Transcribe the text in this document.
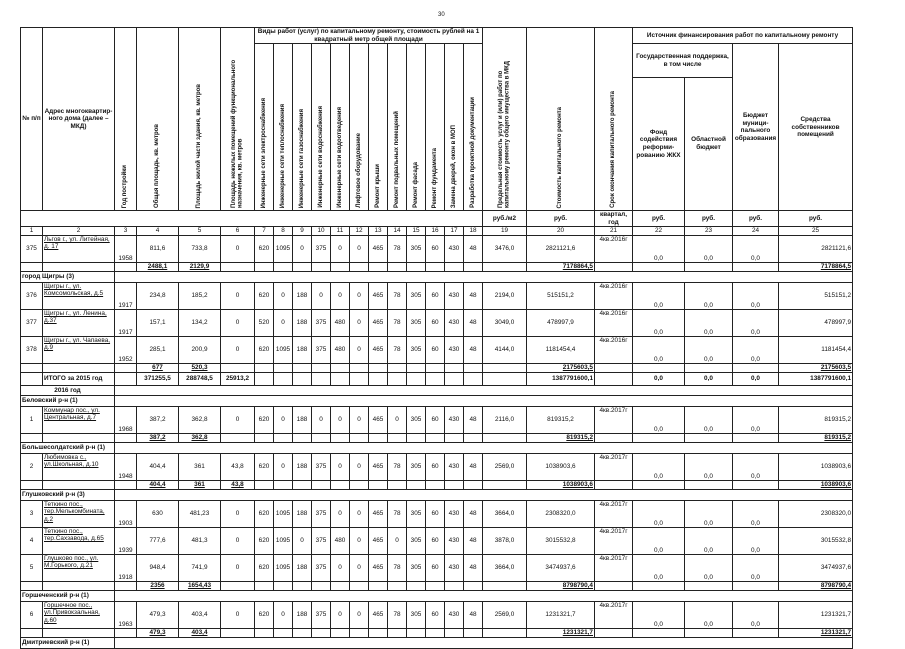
30
№ п/п	Адрес многоквартир-ного дома (далее – МКД)	Год постройки	Общая площадь, кв. метров	Площадь жилой части здания, кв. метров	Площадь нежилых помещений функционального назначения, кв. метров	Виды работ (услуг) по капитальному ремонту, стоимость рублей на 1 квадратный метр общей площади												Предельная стоимость услуг и (или) работ по капитальному ремонту общего имущества в МКД	Стоимость капитального ремонта	Срок окончания капитального ремонта	Источник финансирования работ по капитальному ремонту			
						Инженерные сети электроснабжения	Инженерные сети теплоснабжения	Инженерные сети газоснабжения	Инженерные сети водоснабжения	Инженерные сети водоотведения	Лифтовое оборудование	Ремонт крыши	Ремонт подвальных помещений	Ремонт фасада	Ремонт фундамента	Замена дверей, окон в МОП	Разработка проектной документации				Государственная поддержка, в том числе		Бюджет муници-пального образования	Средства собственников помещений
																					Фонд содействия реформи-рованию ЖКХ	Областной бюджет		
																		руб./м2	руб.	квартал, год	руб.	руб.	руб.	руб.
1	2	3	4	5	6	7	8	9	10	11	12	13	14	15	16	17	18	19	20	21	22	23	24	25
375	Льгов г., ул. Литейная, д. 17	1958	811,6	733,8	0	620	1095	0	375	0	0	465	78	305	60	430	48	3476,0	2821121,6	4кв.2016г	0,0	0,0	0,0	2821121,6
			2488,1	2129,9															7178864,5					7178864,5
город Щигры (3)																								
376	Щигры г., ул. Комсомольская, д.5	1917	234,8	185,2	0	620	0	188	0	0	0	465	78	305	60	430	48	2194,0	515151,2	4кв.2016г	0,0	0,0	0,0	515151,2
377	Щигры г., ул. Ленина, д.37	1917	157,1	134,2	0	520	0	188	375	480	0	465	78	305	60	430	48	3049,0	478997,9	4кв.2016г	0,0	0,0	0,0	478997,9
378	Щигры г., ул. Чапаева, д.9	1952	285,1	200,9	0	620	1095	188	375	480	0	465	78	305	60	430	48	4144,0	1181454,4	4кв.2016г	0,0	0,0	0,0	1181454,4
			677	520,3															2175603,5					2175603,5
	ИТОГО за 2015 год		371255,5	288748,5	25913,2														1387791600,1		0,0	0,0	0,0	1387791600,1
2016 год																								
Беловский р-н (1)																								
1	Коммунар пос., ул. Центральная, д.7	1968	387,2	362,8	0	620	0	188	0	0	0	465	0	305	60	430	48	2116,0	819315,2	4кв.2017г	0,0	0,0	0,0	819315,2
			387,2	362,8															819315,2					819315,2
Большесолдатский р-н (1)																								
2	Любимовка с., ул.Школьная, д.10	1948	404,4	361	43,8	620	0	188	375	0	0	465	78	305	60	430	48	2569,0	1038903,6	4кв.2017г	0,0	0,0	0,0	1038903,6
			404,4	361	43,8														1038903,6					1038903,6
Глушковский р-н (3)																								
3	Теткино пос., тер.Мелькомбината, д.2	1903	630	481,23	0	620	1095	188	375	0	0	465	78	305	60	430	48	3664,0	2308320,0	4кв.2017г	0,0	0,0	0,0	2308320,0
4	Теткино пос., тер.Сахзавода, д.65	1939	777,6	481,3	0	620	1095	0	375	480	0	465	0	305	60	430	48	3878,0	3015532,8	4кв.2017г	0,0	0,0	0,0	3015532,8
5	Глушково пос., ул. М.Горького, д.21	1918	948,4	741,9	0	620	1095	188	375	0	0	465	78	305	60	430	48	3664,0	3474937,6	4кв.2017г	0,0	0,0	0,0	3474937,6
			2356	1654,43															8798790,4					8798790,4
Горшеченский р-н (1)																								
6	Горшечное пос., ул.Привокзальная, д.60	1963	479,3	403,4	0	620	0	188	375	0	0	465	78	305	60	430	48	2569,0	1231321,7	4кв.2017г	0,0	0,0	0,0	1231321,7
			479,3	403,4															1231321,7					1231321,7
Дмитриевский р-н (1)																								
